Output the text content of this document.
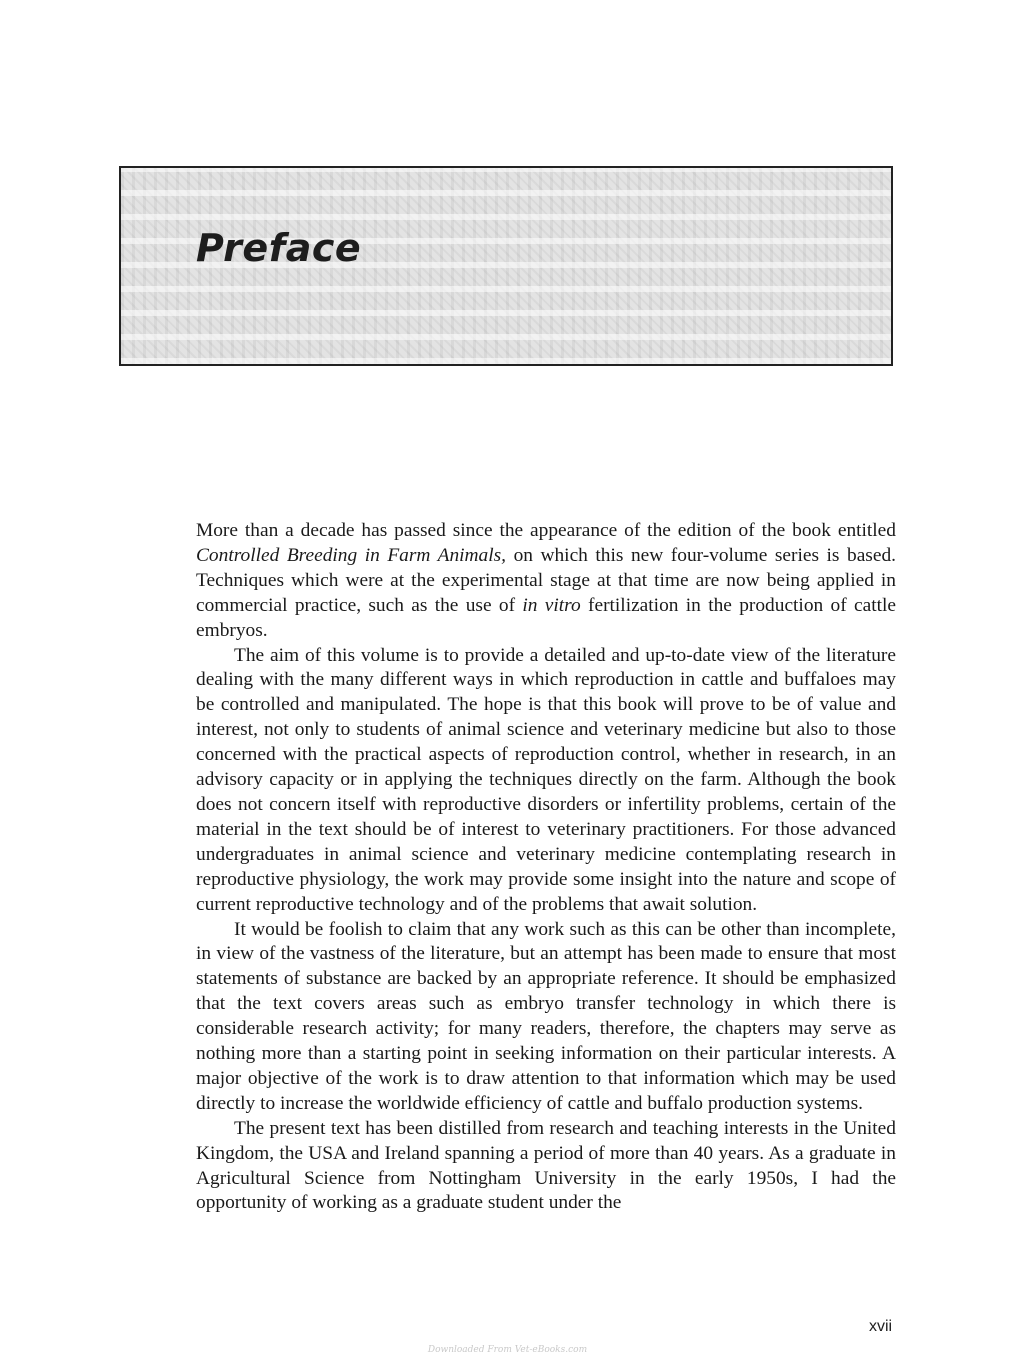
Preface

More than a decade has passed since the appearance of the edition of the book entitled Controlled Breeding in Farm Animals, on which this new four-volume series is based. Techniques which were at the experimental stage at that time are now being applied in commercial practice, such as the use of in vitro fertilization in the production of cattle embryos.

The aim of this volume is to provide a detailed and up-to-date view of the literature dealing with the many different ways in which reproduction in cattle and buffaloes may be controlled and manipulated. The hope is that this book will prove to be of value and interest, not only to students of animal science and veterinary medicine but also to those concerned with the practical aspects of reproduction control, whether in research, in an advisory capacity or in applying the techniques directly on the farm. Although the book does not concern itself with reproductive disorders or infertility problems, certain of the material in the text should be of interest to veterinary practitioners. For those advanced undergraduates in animal science and veterinary medicine contemplating research in reproductive physiology, the work may provide some insight into the nature and scope of current reproductive technology and of the problems that await solution.

It would be foolish to claim that any work such as this can be other than incomplete, in view of the vastness of the literature, but an attempt has been made to ensure that most statements of substance are backed by an appropriate reference. It should be emphasized that the text covers areas such as embryo transfer technology in which there is considerable research activity; for many readers, therefore, the chapters may serve as nothing more than a starting point in seeking information on their particular interests. A major objective of the work is to draw attention to that information which may be used directly to increase the worldwide efficiency of cattle and buffalo production systems.

The present text has been distilled from research and teaching interests in the United Kingdom, the USA and Ireland spanning a period of more than 40 years. As a graduate in Agricultural Science from Nottingham University in the early 1950s, I had the opportunity of working as a graduate student under the

xvii
Downloaded From Vet-eBooks.com
